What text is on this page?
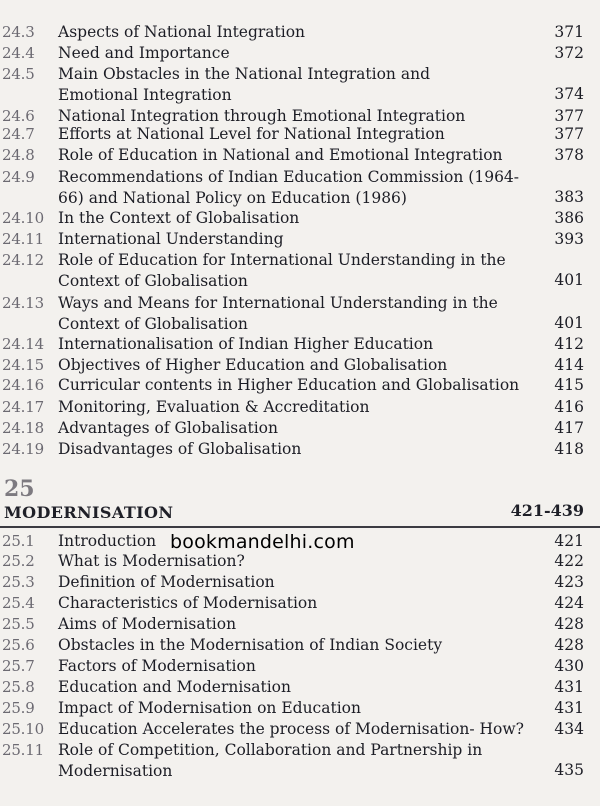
24.3 Aspects of National Integration	371
24.4 Need and Importance	372
24.5 Main Obstacles in the National Integration and Emotional Integration	374
24.6 National Integration through Emotional Integration	377
24.7 Efforts at National Level for National Integration	377
24.8 Role of Education in National and Emotional Integration	378
24.9 Recommendations of Indian Education Commission (1964-66) and National Policy on Education (1986)	383
24.10 In the Context of Globalisation	386
24.11 International Understanding	393
24.12 Role of Education for International Understanding in the Context of Globalisation	401
24.13 Ways and Means for International Understanding in the Context of Globalisation	401
24.14 Internationalisation of Indian Higher Education	412
24.15 Objectives of Higher Education and Globalisation	414
24.16 Curricular contents in Higher Education and Globalisation	415
24.17 Monitoring, Evaluation & Accreditation	416
24.18 Advantages of Globalisation	417
24.19 Disadvantages of Globalisation	418
25
MODERNISATION	421-439
bookmandelhi.com
25.1 Introduction	421
25.2 What is Modernisation?	422
25.3 Definition of Modernisation	423
25.4 Characteristics of Modernisation	424
25.5 Aims of Modernisation	428
25.6 Obstacles in the Modernisation of Indian Society	428
25.7 Factors of Modernisation	430
25.8 Education and Modernisation	431
25.9 Impact of Modernisation on Education	431
25.10 Education Accelerates the process of Modernisation- How?	434
25.11 Role of Competition, Collaboration and Partnership in Modernisation	435
